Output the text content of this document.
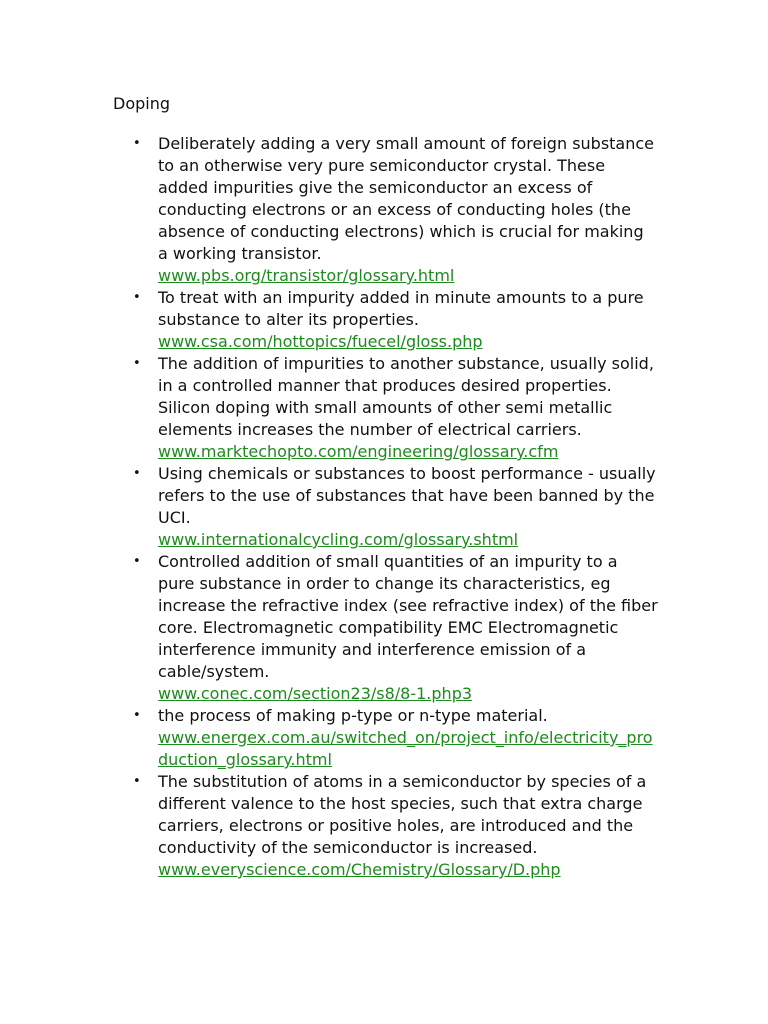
Doping
• Deliberately adding a very small amount of foreign substance to an otherwise very pure semiconductor crystal. These added impurities give the semiconductor an excess of conducting electrons or an excess of conducting holes (the absence of conducting electrons) which is crucial for making a working transistor.
www.pbs.org/transistor/glossary.html
• To treat with an impurity added in minute amounts to a pure substance to alter its properties.
www.csa.com/hottopics/fuecel/gloss.php
• The addition of impurities to another substance, usually solid, in a controlled manner that produces desired properties. Silicon doping with small amounts of other semi metallic elements increases the number of electrical carriers.
www.marktechopto.com/engineering/glossary.cfm
• Using chemicals or substances to boost performance - usually refers to the use of substances that have been banned by the UCI.
www.internationalcycling.com/glossary.shtml
• Controlled addition of small quantities of an impurity to a pure substance in order to change its characteristics, eg increase the refractive index (see refractive index) of the fiber core. Electromagnetic compatibility EMC Electromagnetic interference immunity and interference emission of a cable/system.
www.conec.com/section23/s8/8-1.php3
• the process of making p-type or n-type material.
www.energex.com.au/switched_on/project_info/electricity_production_glossary.html
• The substitution of atoms in a semiconductor by species of a different valence to the host species, such that extra charge carriers, electrons or positive holes, are introduced and the conductivity of the semiconductor is increased.
www.everyscience.com/Chemistry/Glossary/D.php
